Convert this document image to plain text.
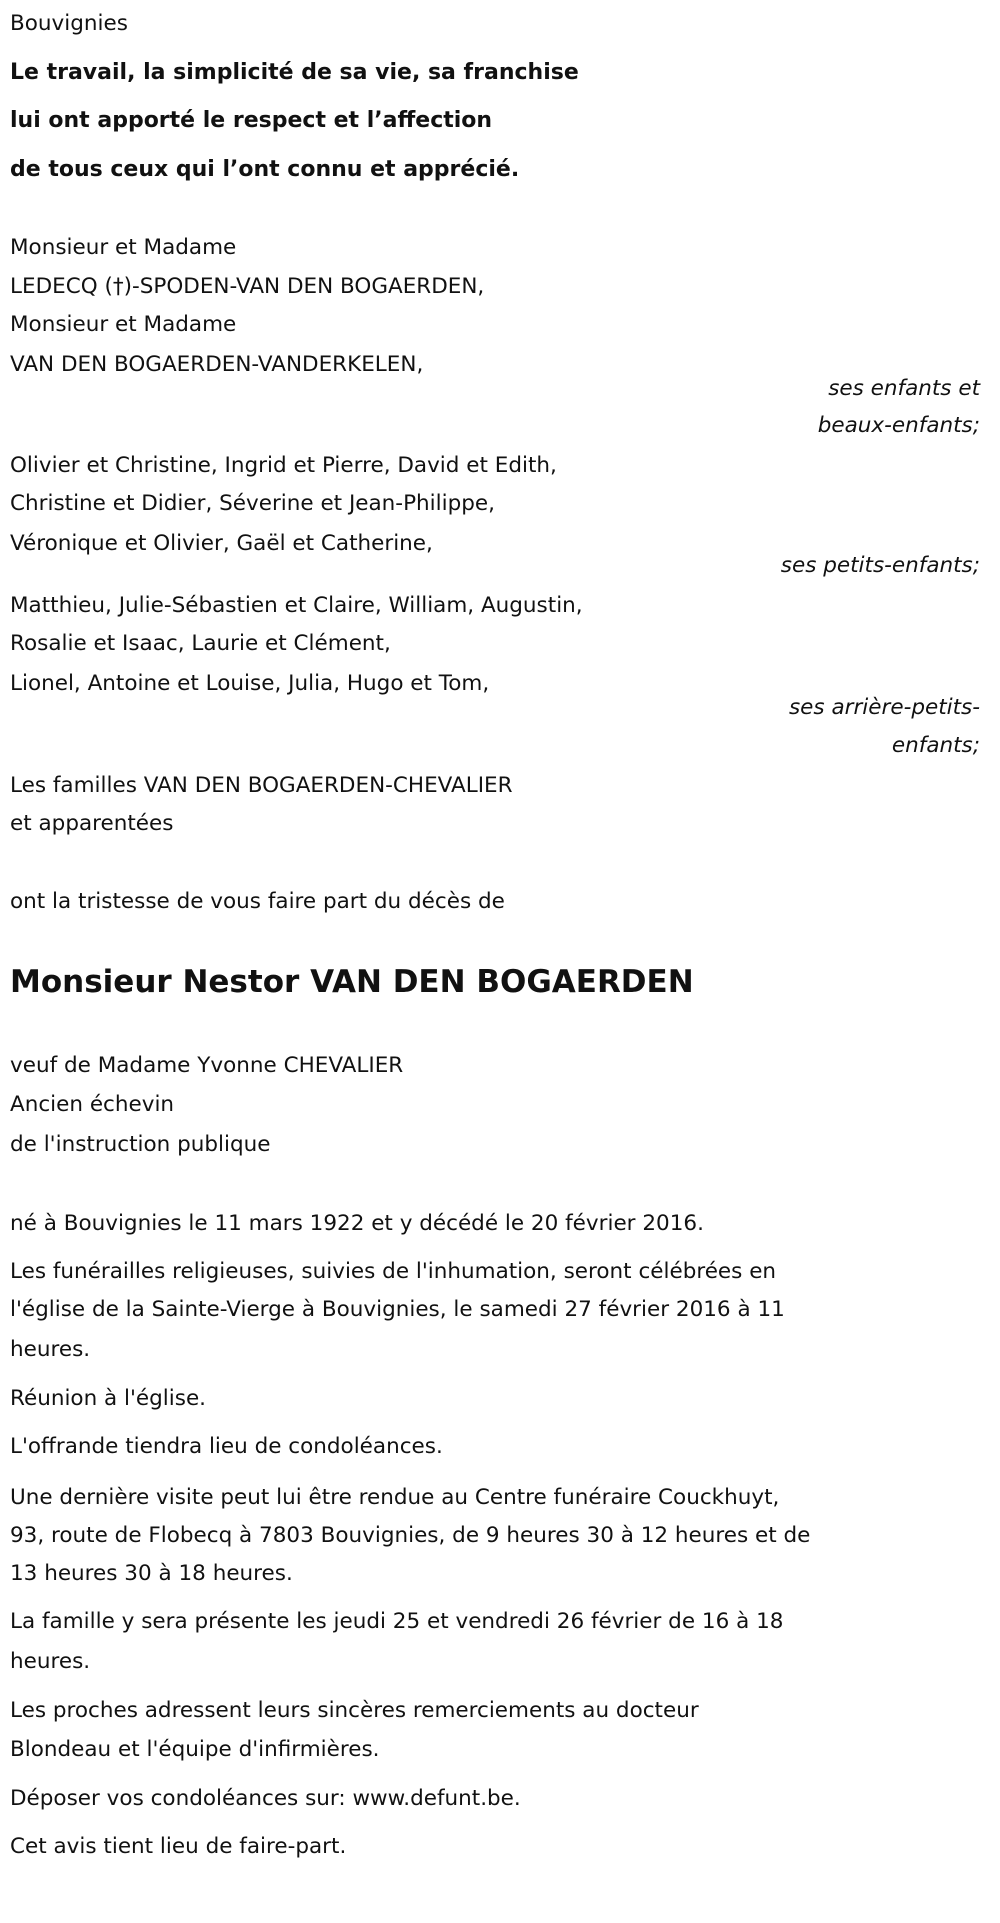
Bouvignies
Le travail, la simplicité de sa vie, sa franchise
lui ont apporté le respect et l’affection
de tous ceux qui l’ont connu et apprécié.
Monsieur et Madame
LEDECQ (†)-SPODEN-VAN DEN BOGAERDEN,
Monsieur et Madame
VAN DEN BOGAERDEN-VANDERKELEN,
ses enfants et
beaux-enfants;
Olivier et Christine, Ingrid et Pierre, David et Edith,
Christine et Didier, Séverine et Jean-Philippe,
Véronique et Olivier, Gaël et Catherine,
ses petits-enfants;
Matthieu, Julie-Sébastien et Claire, William, Augustin,
Rosalie et Isaac, Laurie et Clément,
Lionel, Antoine et Louise, Julia, Hugo et Tom,
ses arrière-petits-
enfants;
Les familles VAN DEN BOGAERDEN-CHEVALIER
et apparentées
ont la tristesse de vous faire part du décès de
Monsieur Nestor VAN DEN BOGAERDEN
veuf de Madame Yvonne CHEVALIER
Ancien échevin
de l'instruction publique
né à Bouvignies le 11 mars 1922 et y décédé le 20 février 2016.
Les funérailles religieuses, suivies de l'inhumation, seront célébrées en
l'église de la Sainte-Vierge à Bouvignies, le samedi 27 février 2016 à 11
heures.
Réunion à l'église.
L'offrande tiendra lieu de condoléances.
Une dernière visite peut lui être rendue au Centre funéraire Couckhuyt,
93, route de Flobecq à 7803 Bouvignies, de 9 heures 30 à 12 heures et de
13 heures 30 à 18 heures.
La famille y sera présente les jeudi 25 et vendredi 26 février de 16 à 18
heures.
Les proches adressent leurs sincères remerciements au docteur
Blondeau et l'équipe d'infirmières.
Déposer vos condoléances sur: www.defunt.be.
Cet avis tient lieu de faire-part.
